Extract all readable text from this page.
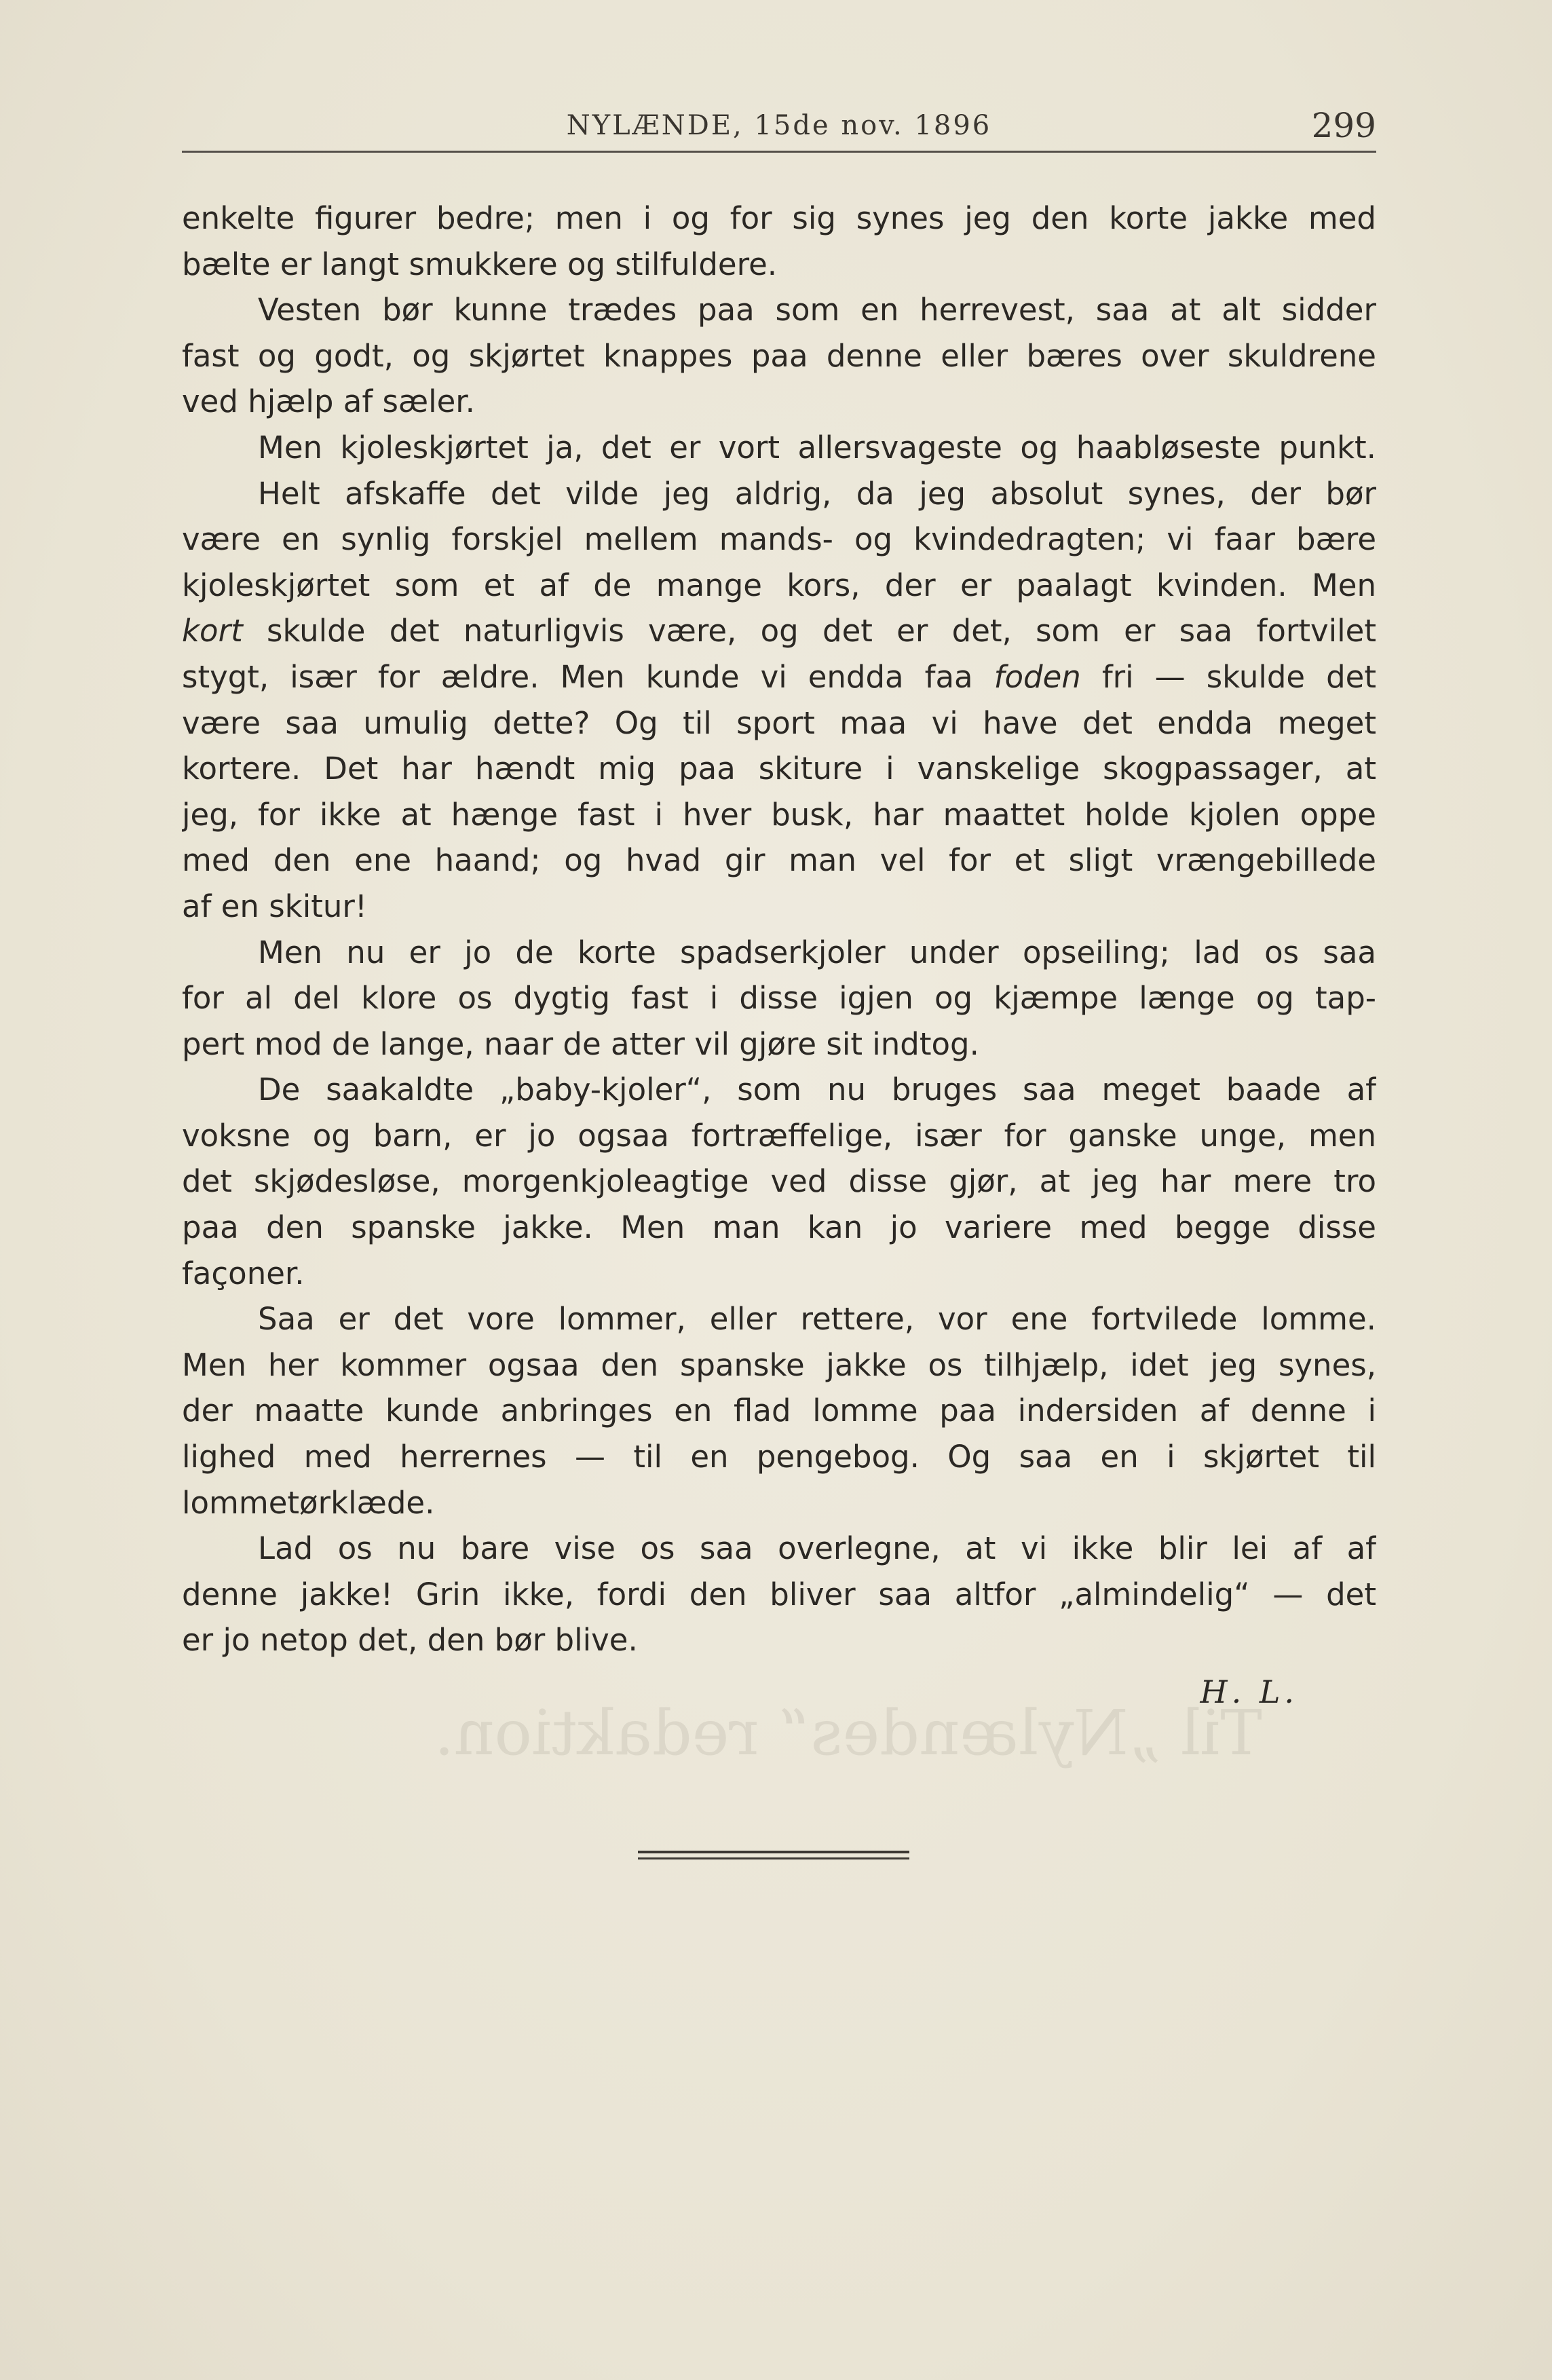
Til „Nylændes“ redaktion.
NYLÆNDE, 15de nov. 1896	299
enkelte figurer bedre; men i og for sig synes jeg den korte jakke med
bælte er langt smukkere og stilfuldere.
Vesten bør kunne trædes paa som en herrevest, saa at alt sidder
fast og godt, og skjørtet knappes paa denne eller bæres over skuldrene
ved hjælp af sæler.
Men kjoleskjørtet ja, det er vort allersvageste og haabløseste punkt.
Helt afskaffe det vilde jeg aldrig, da jeg absolut synes, der bør
være en synlig forskjel mellem mands- og kvindedragten; vi faar bære
kjoleskjørtet som et af de mange kors, der er paalagt kvinden. Men
kort skulde det naturligvis være, og det er det, som er saa fortvilet
stygt, især for ældre. Men kunde vi endda faa foden fri — skulde det
være saa umulig dette? Og til sport maa vi have det endda meget
kortere. Det har hændt mig paa skiture i vanskelige skogpassager, at
jeg, for ikke at hænge fast i hver busk, har maattet holde kjolen oppe
med den ene haand; og hvad gir man vel for et sligt vrængebillede
af en skitur!
Men nu er jo de korte spadserkjoler under opseiling; lad os saa
for al del klore os dygtig fast i disse igjen og kjæmpe længe og tap-
pert mod de lange, naar de atter vil gjøre sit indtog.
De saakaldte „baby-kjoler“, som nu bruges saa meget baade af
voksne og barn, er jo ogsaa fortræffelige, især for ganske unge, men
det skjødesløse, morgenkjoleagtige ved disse gjør, at jeg har mere tro
paa den spanske jakke. Men man kan jo variere med begge disse
façoner.
Saa er det vore lommer, eller rettere, vor ene fortvilede lomme.
Men her kommer ogsaa den spanske jakke os tilhjælp, idet jeg synes,
der maatte kunde anbringes en flad lomme paa indersiden af denne i
lighed med herrernes — til en pengebog. Og saa en i skjørtet til
lommetørklæde.
Lad os nu bare vise os saa overlegne, at vi ikke blir lei af af
denne jakke! Grin ikke, fordi den bliver saa altfor „almindelig“ — det
er jo netop det, den bør blive.
H. L.
